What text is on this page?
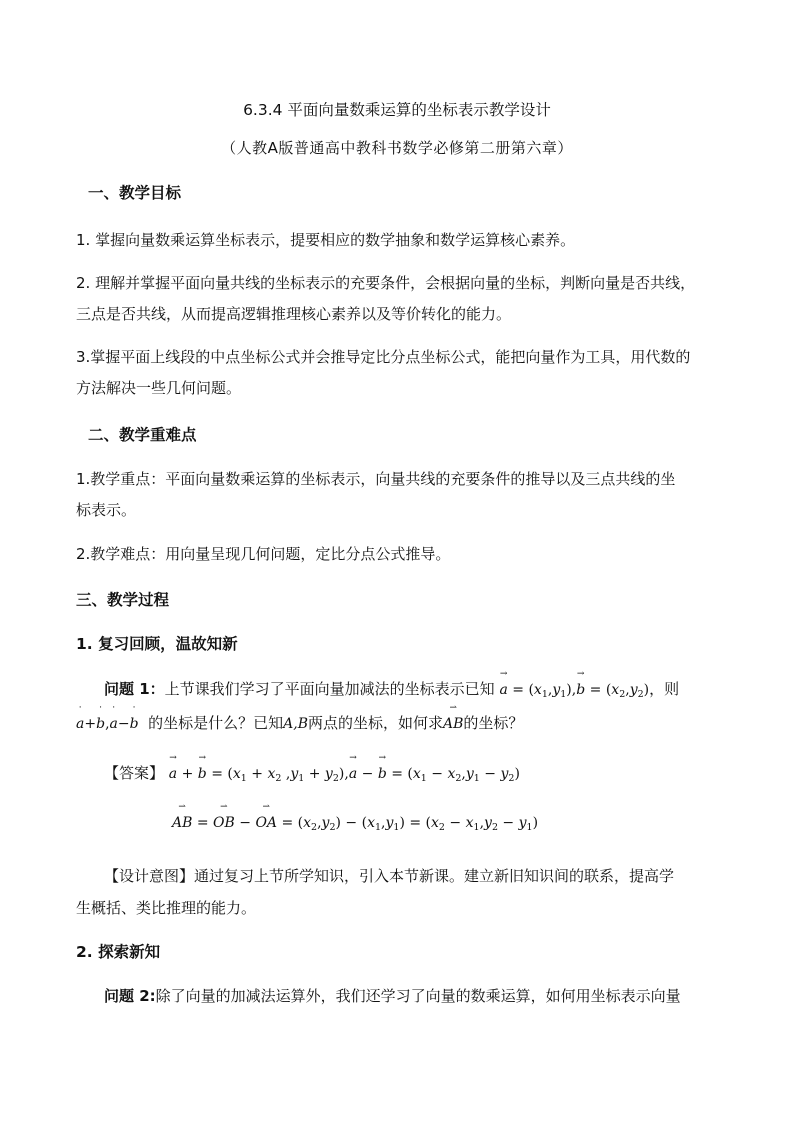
6.3.4 平面向量数乘运算的坐标表示教学设计
（人教A版普通高中教科书数学必修第二册第六章）
一、教学目标
1. 掌握向量数乘运算坐标表示，提要相应的数学抽象和数学运算核心素养。
2. 理解并掌握平面向量共线的坐标表示的充要条件，会根据向量的坐标，判断向量是否共线，
三点是否共线，从而提高逻辑推理核心素养以及等价转化的能力。
3.掌握平面上线段的中点坐标公式并会推导定比分点坐标公式，能把向量作为工具，用代数的
方法解决一些几何问题。
二、教学重难点
1.教学重点：平面向量数乘运算的坐标表示，向量共线的充要条件的推导以及三点共线的坐
标表示。
2.教学难点：用向量呈现几何问题，定比分点公式推导。
三、教学过程
1. 复习回顾，温故知新
问题 1：上节课我们学习了平面向量加减法的坐标表示已知 a
→
= $(x_1,y_1),b$
→
= $(x_2,y_2)$，则
a
·
+b
·
,a
·
−b
·
的坐标是什么？已知A,B两点的坐标，如何求AB
⇀
的坐标？
【答案】 a
→
+ b
→
= ($x_1 + x_2$ $,y_1 + y_2),a$
→
− b
→
= $(x_1 - x_2,y_1 - y_2)$
AB
⇀
= OB
⇀
− OA
⇀
= $(x_2,y_2) - (x_1,y_1) = (x_2 - x_1,y_2 - y_1)$
【设计意图】通过复习上节所学知识，引入本节新课。建立新旧知识间的联系，提高学
生概括、类比推理的能力。
2. 探索新知
问题 2:除了向量的加减法运算外，我们还学习了向量的数乘运算，如何用坐标表示向量
